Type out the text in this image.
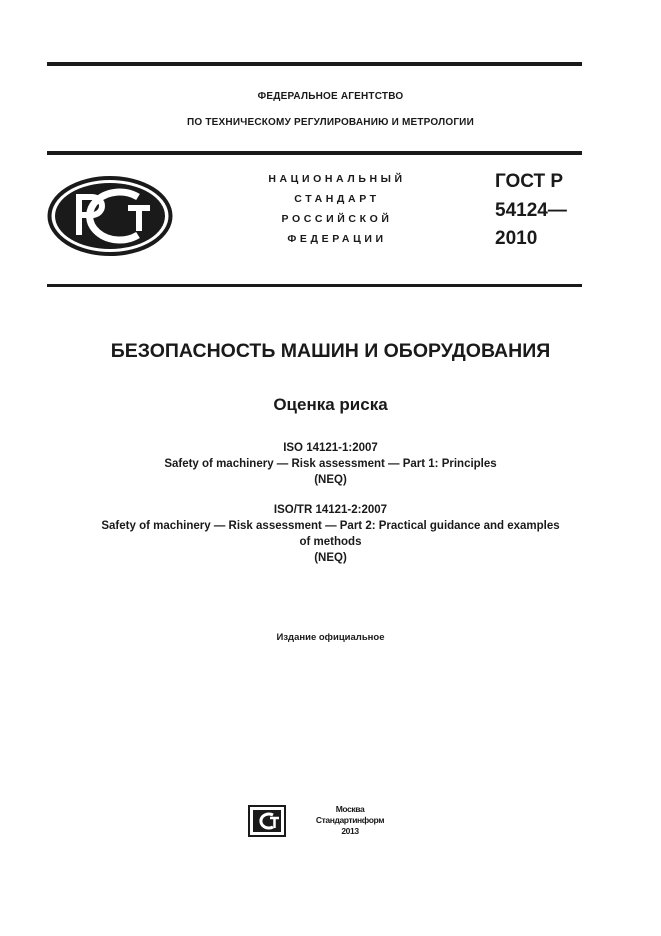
ФЕДЕРАЛЬНОЕ АГЕНТСТВО
ПО ТЕХНИЧЕСКОМУ РЕГУЛИРОВАНИЮ И МЕТРОЛОГИИ
НАЦИОНАЛЬНЫЙ
СТАНДАРТ
РОССИЙСКОЙ
ФЕДЕРАЦИИ
ГОСТ Р
54124—
2010
БЕЗОПАСНОСТЬ МАШИН И ОБОРУДОВАНИЯ
Оценка риска
ISO 14121-1:2007
Safety of machinery — Risk assessment — Part 1: Principles
(NEQ)
ISO/TR 14121-2:2007
Safety of machinery — Risk assessment — Part 2: Practical guidance and examples
of methods
(NEQ)
Издание официальное
Москва
Стандартинформ
2013
